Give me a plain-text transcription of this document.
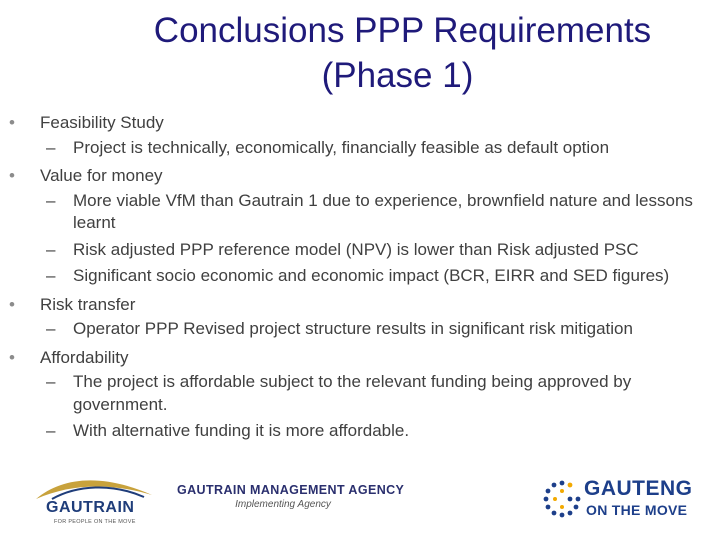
Conclusions PPP Requirements
(Phase 1)
• Feasibility Study
– Project is technically, economically, financially feasible as default option
• Value for money
– More viable VfM than Gautrain 1 due to experience, brownfield nature and lessons learnt
– Risk adjusted PPP reference model (NPV) is lower than Risk adjusted PSC
– Significant socio economic and economic impact (BCR, EIRR and SED figures)
• Risk transfer
– Operator PPP Revised project structure results in significant risk mitigation
• Affordability
– The project is affordable subject to the relevant funding being approved by government.
– With alternative funding it is more affordable.
GAUTRAIN
FOR PEOPLE ON THE MOVE
GAUTRAIN MANAGEMENT AGENCY
Implementing Agency
GAUTENG
ON THE MOVE
